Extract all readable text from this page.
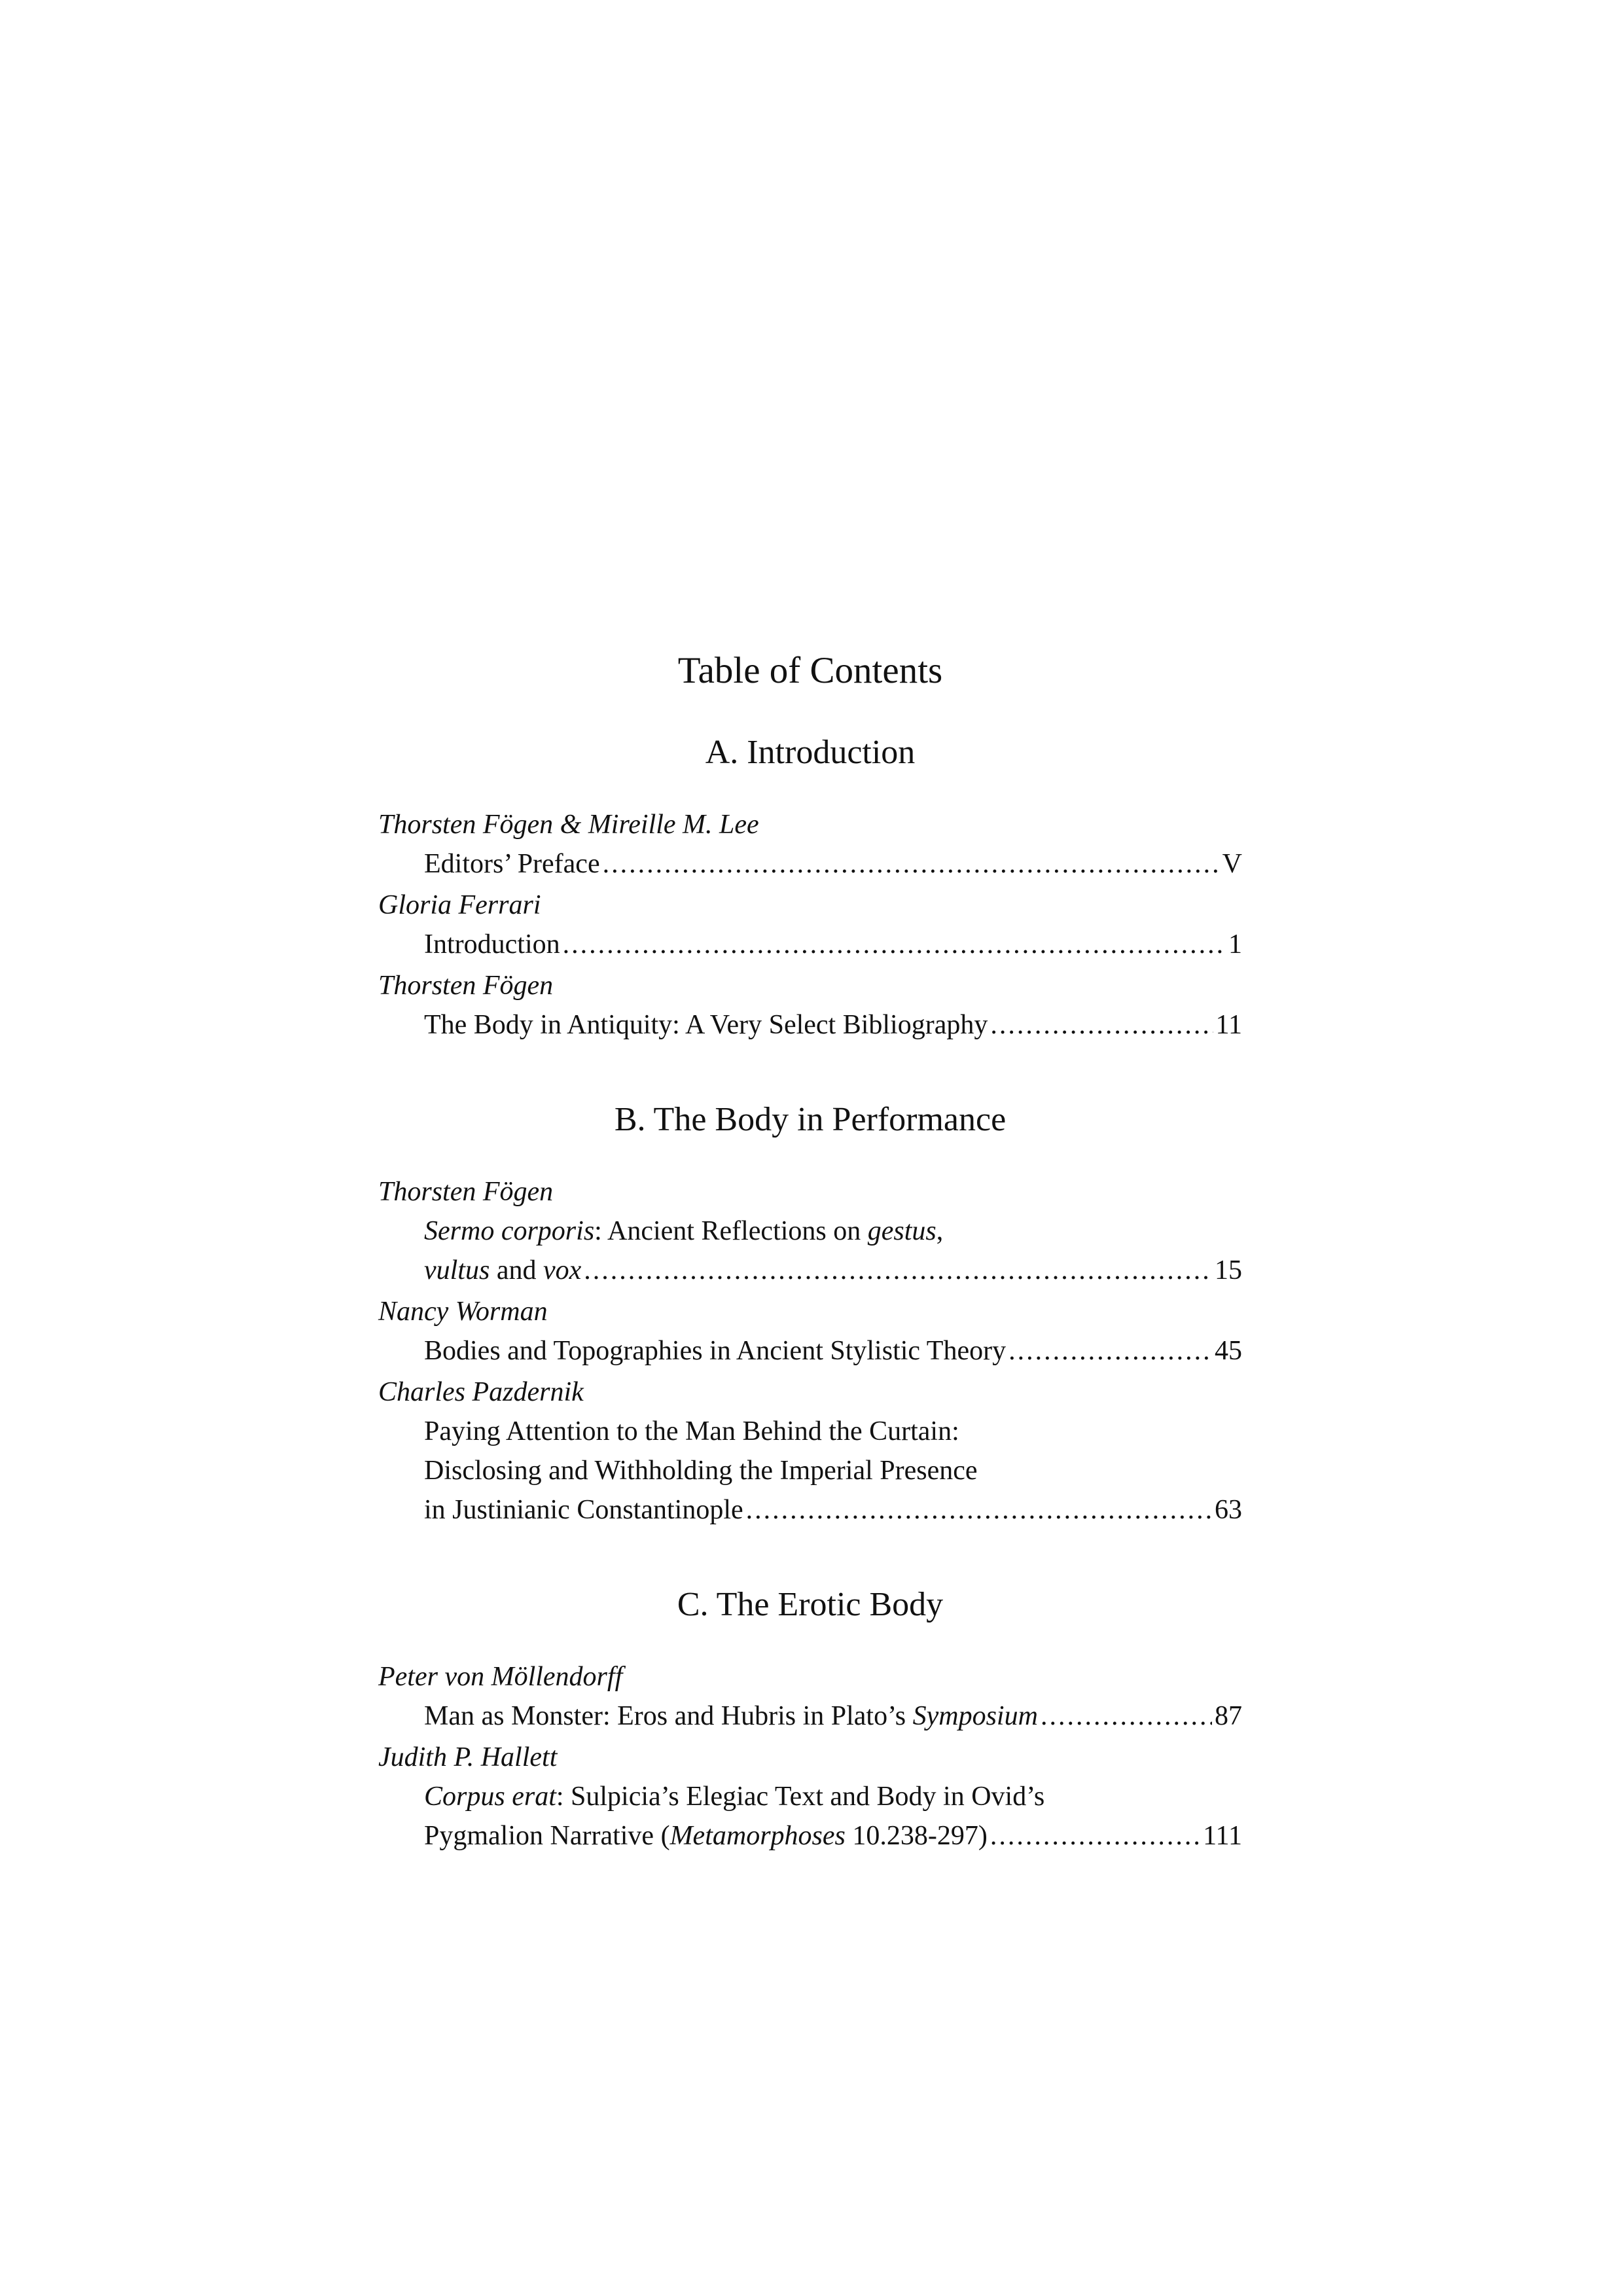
Table of Contents
A. Introduction
Thorsten Fögen & Mireille M. Lee
Editors’ Preface .....	V
Gloria Ferrari
Introduction .....	1
Thorsten Fögen
The Body in Antiquity: A Very Select Bibliography .....	11
B. The Body in Performance
Thorsten Fögen
Sermo corporis: Ancient Reflections on gestus,
vultus and vox .....	15
Nancy Worman
Bodies and Topographies in Ancient Stylistic Theory .....	45
Charles Pazdernik
Paying Attention to the Man Behind the Curtain:
Disclosing and Withholding the Imperial Presence
in Justinianic Constantinople .....	63
C. The Erotic Body
Peter von Möllendorff
Man as Monster: Eros and Hubris in Plato’s Symposium .....	87
Judith P. Hallett
Corpus erat: Sulpicia’s Elegiac Text and Body in Ovid’s
Pygmalion Narrative (Metamorphoses 10.238-297) .....	111
